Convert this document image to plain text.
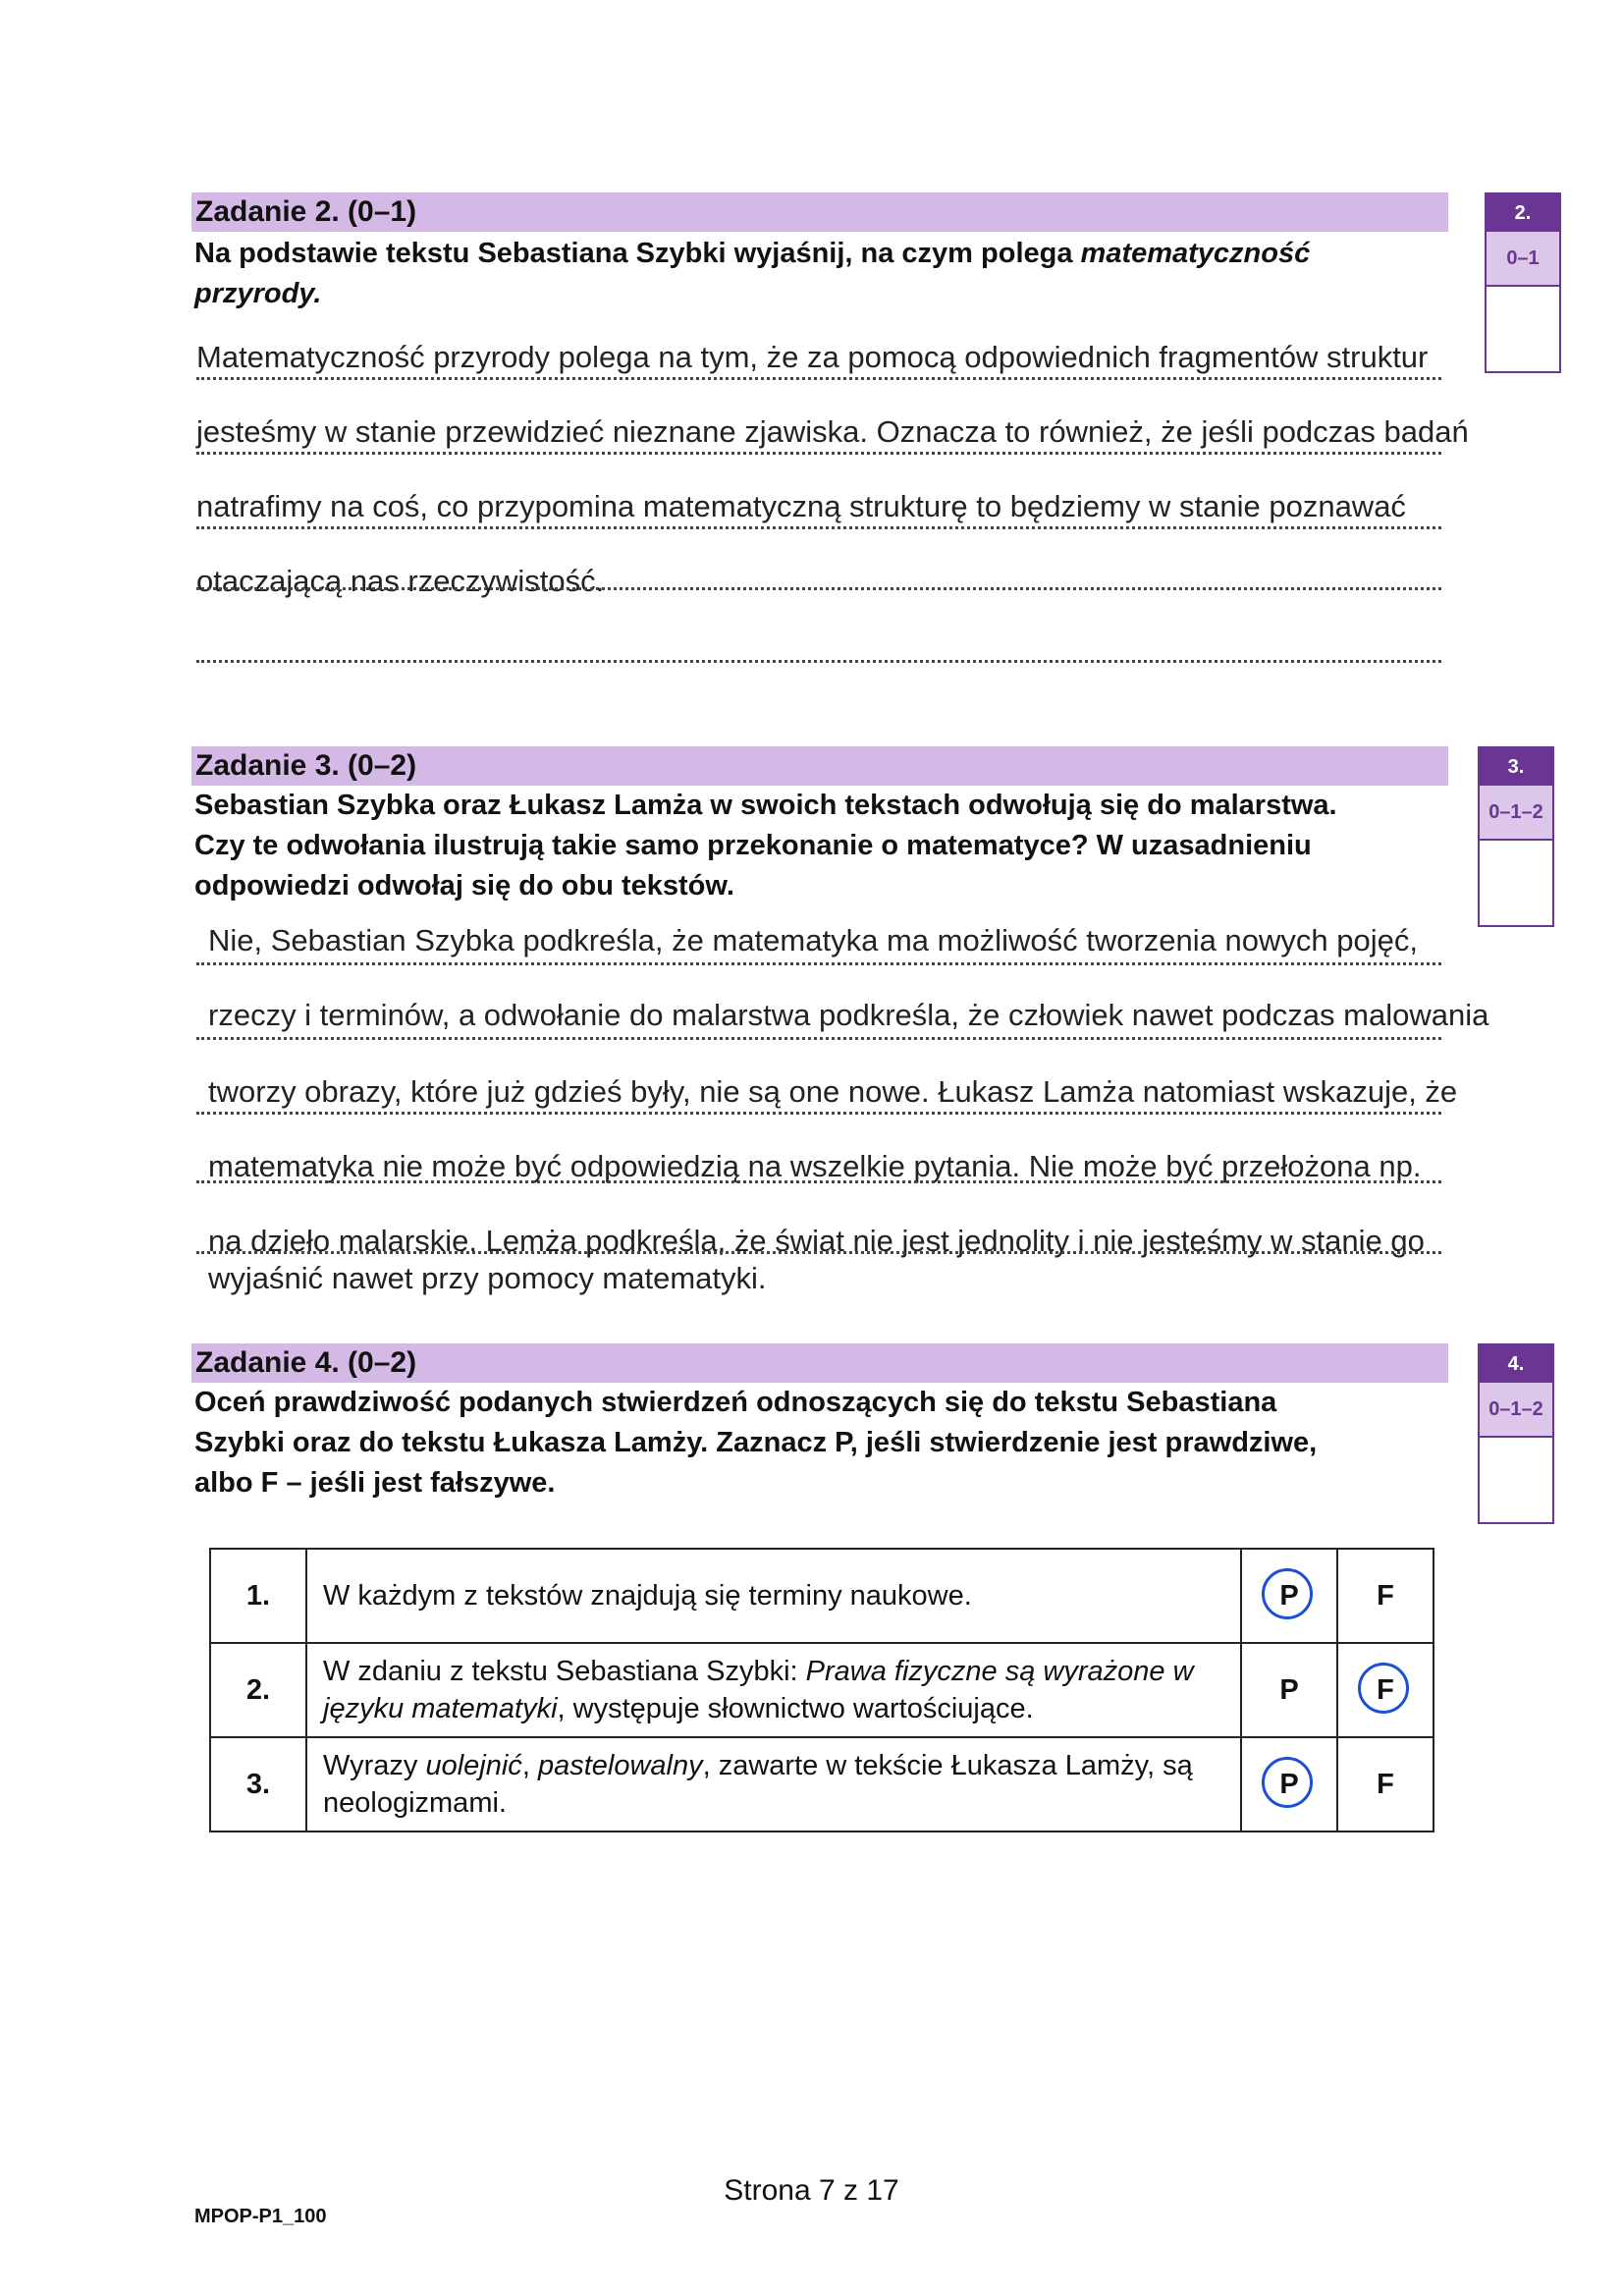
Zadanie 2. (0–1)
Na podstawie tekstu Sebastiana Szybki wyjaśnij, na czym polega matematyczność
przyrody.
2.
0–1
Matematyczność przyrody polega na tym, że za pomocą odpowiednich fragmentów struktur
jesteśmy w stanie przewidzieć nieznane zjawiska. Oznacza to również, że jeśli podczas badań
natrafimy na coś, co przypomina matematyczną strukturę to będziemy w stanie poznawać
otaczającą nas rzeczywistość.
Zadanie 3. (0–2)
Sebastian Szybka oraz Łukasz Lamża w swoich tekstach odwołują się do malarstwa.
Czy te odwołania ilustrują takie samo przekonanie o matematyce? W uzasadnieniu
odpowiedzi odwołaj się do obu tekstów.
3.
0–1–2
Nie, Sebastian Szybka podkreśla, że matematyka ma możliwość tworzenia nowych pojęć,
rzeczy i terminów, a odwołanie do malarstwa podkreśla, że człowiek nawet podczas malowania
tworzy obrazy, które już gdzieś były, nie są one nowe. Łukasz Lamża natomiast wskazuje, że
matematyka nie może być odpowiedzią na wszelkie pytania. Nie może być przełożona np.
na dzieło malarskie. Lemża podkreśla, że świat nie jest jednolity i nie jesteśmy w stanie go
wyjaśnić nawet przy pomocy matematyki.
Zadanie 4. (0–2)
Oceń prawdziwość podanych stwierdzeń odnoszących się do tekstu Sebastiana
Szybki oraz do tekstu Łukasza Lamży. Zaznacz P, jeśli stwierdzenie jest prawdziwe,
albo F – jeśli jest fałszywe.
4.
0–1–2
1.	W każdym z tekstów znajdują się terminy naukowe.	P	F
2.	W zdaniu z tekstu Sebastiana Szybki: Prawa fizyczne są wyrażone w języku matematyki, występuje słownictwo wartościujące.	P	F
3.	Wyrazy uolejnić, pastelowalny, zawarte w tekście Łukasza Lamży, są neologizmami.	P	F
Strona 7 z 17
MPOP-P1_100
